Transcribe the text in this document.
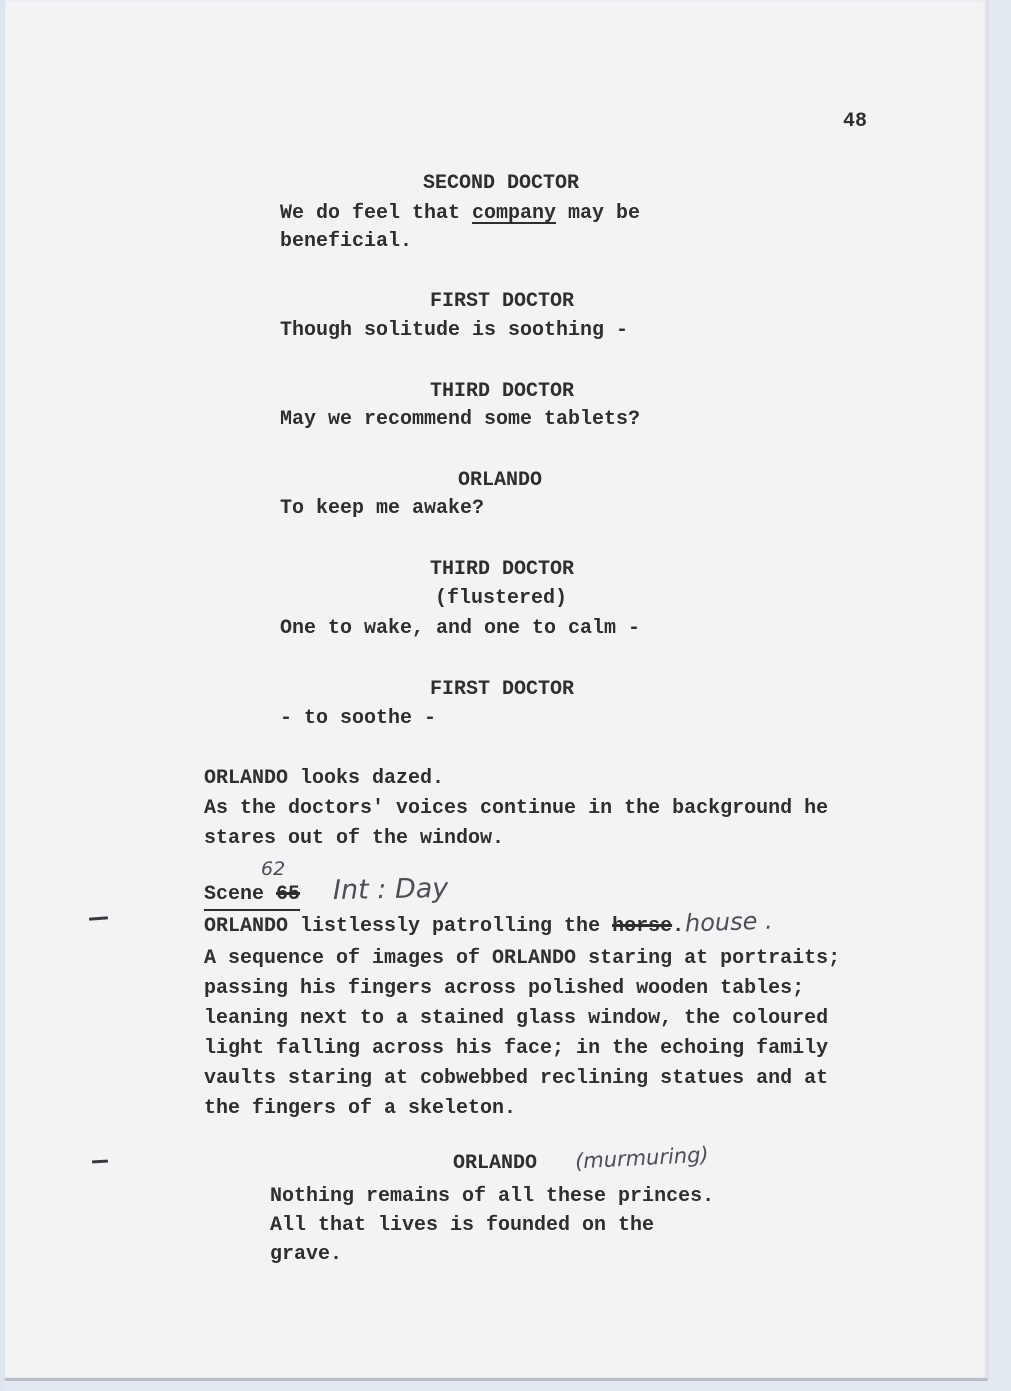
48
SECOND DOCTOR
We do feel that company may be
beneficial.
FIRST DOCTOR
Though solitude is soothing -
THIRD DOCTOR
May we recommend some tablets?
ORLANDO
To keep me awake?
THIRD DOCTOR
(flustered)
One to wake, and one to calm -
FIRST DOCTOR
- to soothe -
ORLANDO looks dazed.
As the doctors' voices continue in the background he
stares out of the window.
62
Scene 65 Int : Day
ORLANDO listlessly patrolling the horse. house .
A sequence of images of ORLANDO staring at portraits;
passing his fingers across polished wooden tables;
leaning next to a stained glass window, the coloured
light falling across his face; in the echoing family
vaults staring at cobwebbed reclining statues and at
the fingers of a skeleton.
ORLANDO (murmuring)
Nothing remains of all these princes.
All that lives is founded on the
grave.
